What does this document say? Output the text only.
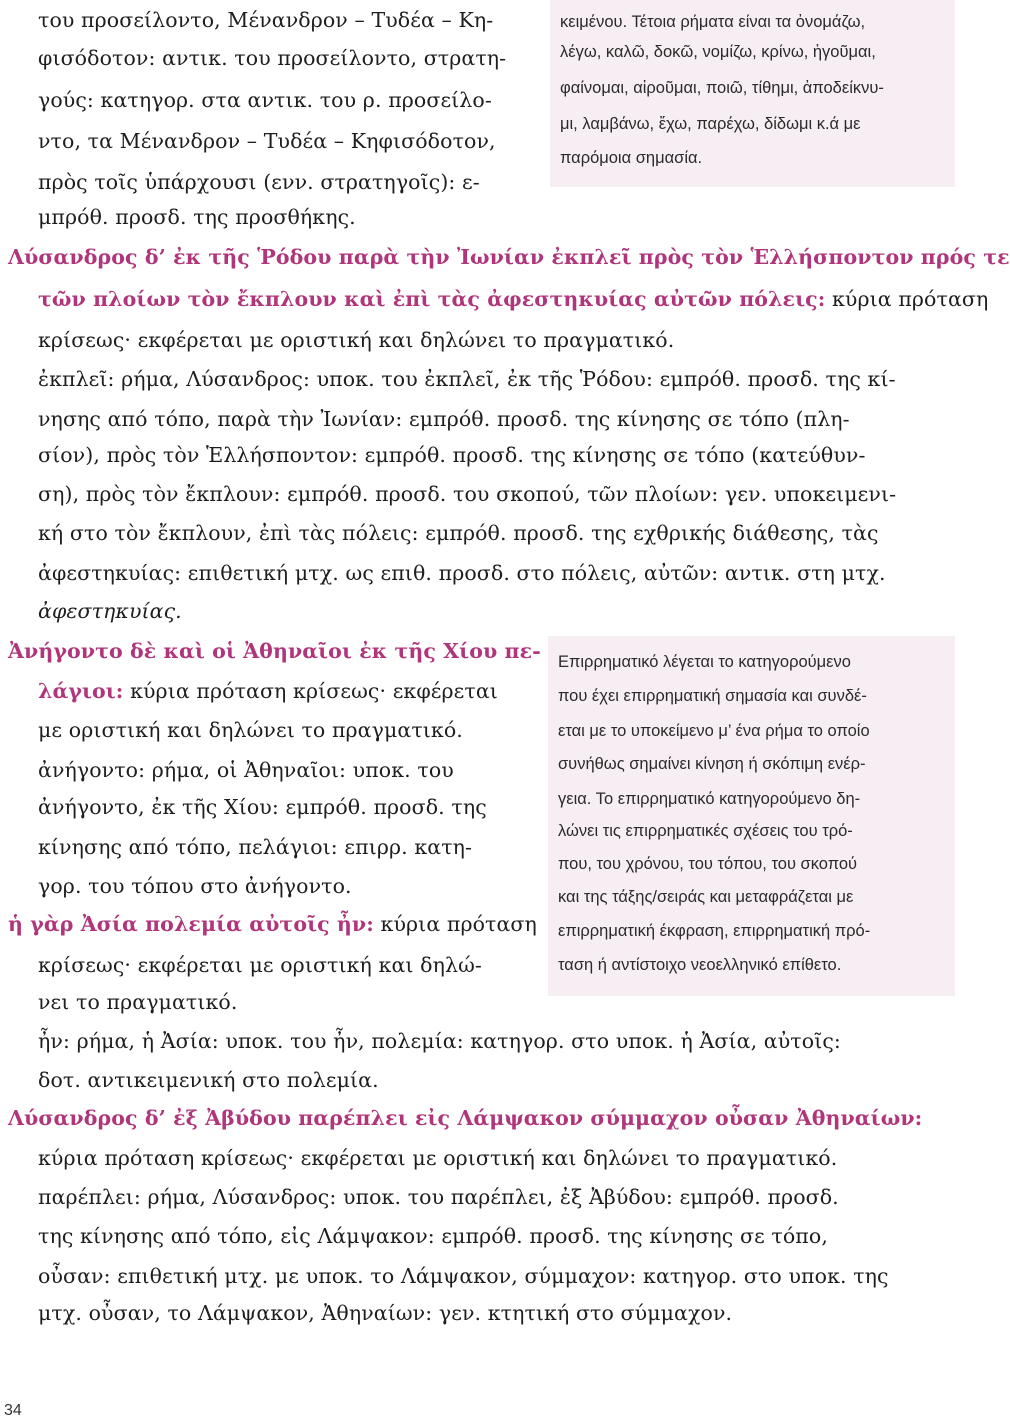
του προσείλοντο, Μένανδρον – Τυδέα – Κη-
φισόδοτον: αντικ. του προσείλοντο, στρατη-
γούς: κατηγορ. στα αντικ. του ρ. προσείλο-
ντο, τα Μένανδρον – Τυδέα – Κηφισόδοτον,
πρὸς τοῖς ὑπάρχουσι (ενν. στρατηγοῖς): ε-
μπρόθ. προσδ. της προσθήκης.
κειμένου. Τέτοια ρήματα είναι τα ὀνομάζω,
λέγω, καλῶ, δοκῶ, νομίζω, κρίνω, ἡγοῦμαι,
φαίνομαι, αἱροῦμαι, ποιῶ, τίθημι, ἀποδείκνυ-
μι, λαμβάνω, ἔχω, παρέχω, δίδωμι κ.ά με
παρόμοια σημασία.
Λύσανδρος δ’ ἐκ τῆς Ῥόδου παρὰ τὴν Ἰωνίαν ἐκπλεῖ πρὸς τὸν Ἑλλήσποντον πρός τε
τῶν πλοίων τὸν ἔκπλουν καὶ ἐπὶ τὰς ἀφεστηκυίας αὐτῶν πόλεις: κύρια πρόταση
κρίσεως· εκφέρεται με οριστική και δηλώνει το πραγματικό.
ἐκπλεῖ: ρήμα, Λύσανδρος: υποκ. του ἐκπλεῖ, ἐκ τῆς Ῥόδου: εμπρόθ. προσδ. της κί-
νησης από τόπο, παρὰ τὴν Ἰωνίαν: εμπρόθ. προσδ. της κίνησης σε τόπο (πλη-
σίον), πρὸς τὸν Ἑλλήσποντον: εμπρόθ. προσδ. της κίνησης σε τόπο (κατεύθυν-
ση), πρὸς τὸν ἔκπλουν: εμπρόθ. προσδ. του σκοπού, τῶν πλοίων: γεν. υποκειμενι-
κή στο τὸν ἔκπλουν, ἐπὶ τὰς πόλεις: εμπρόθ. προσδ. της εχθρικής διάθεσης, τὰς
ἀφεστηκυίας: επιθετική μτχ. ως επιθ. προσδ. στο πόλεις, αὐτῶν: αντικ. στη μτχ.
ἀφεστηκυίας.
Ἀνήγοντο δὲ καὶ οἱ Ἀθηναῖοι ἐκ τῆς Χίου πε-
λάγιοι: κύρια πρόταση κρίσεως· εκφέρεται
με οριστική και δηλώνει το πραγματικό.
ἀνήγοντο: ρήμα, οἱ Ἀθηναῖοι: υποκ. του
ἀνήγοντο, ἐκ τῆς Χίου: εμπρόθ. προσδ. της
κίνησης από τόπο, πελάγιοι: επιρρ. κατη-
γορ. του τόπου στο ἀνήγοντο.
ἡ γὰρ Ἀσία πολεμία αὐτοῖς ἦν: κύρια πρόταση
κρίσεως· εκφέρεται με οριστική και δηλώ-
νει το πραγματικό.
ἦν: ρήμα, ἡ Ἀσία: υποκ. του ἦν, πολεμία: κατηγορ. στο υποκ. ἡ Ἀσία, αὐτοῖς:
δοτ. αντικειμενική στο πολεμία.
Επιρρηματικό λέγεται το κατηγορούμενο
που έχει επιρρηματική σημασία και συνδέ-
εται με το υποκείμενο μ’ ένα ρήμα το οποίο
συνήθως σημαίνει κίνηση ή σκόπιμη ενέρ-
γεια. Το επιρρηματικό κατηγορούμενο δη-
λώνει τις επιρρηματικές σχέσεις του τρό-
που, του χρόνου, του τόπου, του σκοπού
και της τάξης/σειράς και μεταφράζεται με
επιρρηματική έκφραση, επιρρηματική πρό-
ταση ή αντίστοιχο νεοελληνικό επίθετο.
Λύσανδρος δ’ ἐξ Ἀβύδου παρέπλει εἰς Λάμψακον σύμμαχον οὖσαν Ἀθηναίων:
κύρια πρόταση κρίσεως· εκφέρεται με οριστική και δηλώνει το πραγματικό.
παρέπλει: ρήμα, Λύσανδρος: υποκ. του παρέπλει, ἐξ Ἀβύδου: εμπρόθ. προσδ.
της κίνησης από τόπο, εἰς Λάμψακον: εμπρόθ. προσδ. της κίνησης σε τόπο,
οὖσαν: επιθετική μτχ. με υποκ. το Λάμψακον, σύμμαχον: κατηγορ. στο υποκ. της
μτχ. οὖσαν, το Λάμψακον, Ἀθηναίων: γεν. κτητική στο σύμμαχον.
34
